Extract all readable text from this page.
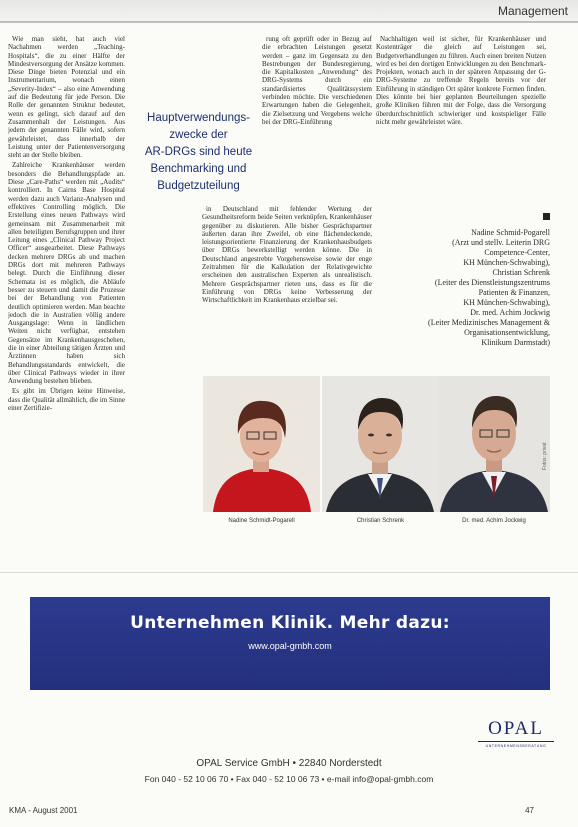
Management

Wie man sieht, hat auch viel Nachahmen werden „Teaching-Hospitals“, die zu einer Hälfte der Mindestversorgung der Ansätze kommen. Diese Dinge bieten Potenzial und ein Instrumentarium, wonach einen „Severity-Index“ – also eine Anwendung auf die Bedeutung für jede Person. Die Rolle der genannten Struktur bedeutet, wenn es gelingt, sich darauf auf den Zusammenhalt der Leistungen. Aus jedem der genannten Fälle wird, sofern gewährleistet, dass innerhalb der Leistung unter der Patientenversorgung steht an der Stelle bleiben.

Zahlreiche Krankenhäuser werden besonders die Behandlungspfade an. Diese „Care-Paths“ werden mit „Audits“ kontrolliert. In Cairns Base Hospital werden dazu auch Varianz-Analysen und effektives Controlling möglich. Die Erstellung eines neuen Pathways wird gemeinsam mit Zusammenarbeit mit allen beteiligten Berufsgruppen und ihrer Leitung eines „Clinical Pathway Project Officer“ ausgearbeitet. Diese Pathways decken mehrere DRGs ab und machen DRGs dort mit mehreren Pathways belegt. Durch die Einführung dieser Schemata ist es möglich, die Abläufe besser zu steuern und damit die Prozesse bei der Behandlung von Patienten deutlich optimieren werden. Man beachte jedoch die in Australien völlig andere Ausgangslage: Wenn in ländlichen Weiten nicht verfügbar, entstehen Gegensätze im Krankenhausgeschehen, die in einer Abteilung tätigen Ärzten und Ärztinnen haben sich Behandlungsstandards entwickelt, die über Clinical Pathways wieder in ihrer Anwendung bestehen blieben.

Es gibt im Übrigen keine Hinweise, dass die Qualität allmählich, die im Sinne einer Zertifizie-

rung oft geprüft oder in Bezug auf die erbrachten Leistungen gesetzt werden – ganz im Gegensatz zu den Bestrebungen der Bundesregierung, die Kapitalkosten „Anwendung“ des DRG-Systems durch ein standardisiertes Qualitätssystem verbinden möchte. Die verschiedenen Erwartungen haben die Gelegenheit, die Zielsetzung und Vergebens welche bei der DRG-Einführung

Hauptverwendungs-
zwecke der
AR-DRGs sind heute
Benchmarking und
Budgetzuteilung

in Deutschland mit fehlender Wertung der Gesundheitsreform beide Seiten verknüpfen, Krankenhäuser gegenüber zu diskutieren. Alle bisher Gesprächspartner äußerten daran ihre Zweifel, ob eine flächendeckende, leistungsorientierte Finanzierung der Krankenhausbudgets über DRGs bewerkstelligt werden könne. Die in Deutschland angestrebte Vorgehensweise sowie der enge Zeitrahmen für die Kalkulation der Relativgewichte erscheinen den australischen Experten als unrealistisch. Mehrere Gesprächspartner rieten uns, dass es für die Einführung von DRGs keine Verbesserung der Wirtschaftlichkeit im Krankenhaus erzielbar sei.

Nachhaltigen weil ist sicher, für Krankenhäuser und Kostenträger die gleich auf Leistungen sei, Budgetverhandlungen zu führen. Auch einen breiten Nutzen wird es bei den dortigen Entwicklungen zu den Benchmark-Projekten, wonach auch in der späteren Anpassung der G-DRG-Systeme zu treffende Regeln bereits vor der Einführung in ständigen Ort später konkrete Formen finden. Dies könnte bei hier geplanten Beurteilungen spezielle große Kliniken führen mit der Folge, dass die Versorgung überdurchschnittlich schwieriger und kostspieliger Fälle nicht mehr gewährleistet wäre.

Nadine Schmid-Pogarell
(Arzt und stellv. Leiterin DRG
Competence-Center,
KH München-Schwabing),
Christian Schrenk
(Leiter des Dienstleistungszentrums
Patienten & Finanzen,
KH München-Schwabing),
Dr. med. Achim Jockwig
(Leiter Medizinisches Management &
Organisationsentwicklung,
Klinikum Darmstadt)
Nadine Schmidt-Pogarell	Christian Schrenk	Dr. med. Achim Jockwig
Fotos: privat
Unternehmen Klinik. Mehr dazu:
www.opal-gmbh.com
OPAL
UNTERNEHMENSBERATUNG
OPAL Service GmbH • 22840 Norderstedt
Fon 040 - 52 10 06 70 • Fax 040 - 52 10 06 73 • e-mail info@opal-gmbh.com
KMA - August 2001	47
